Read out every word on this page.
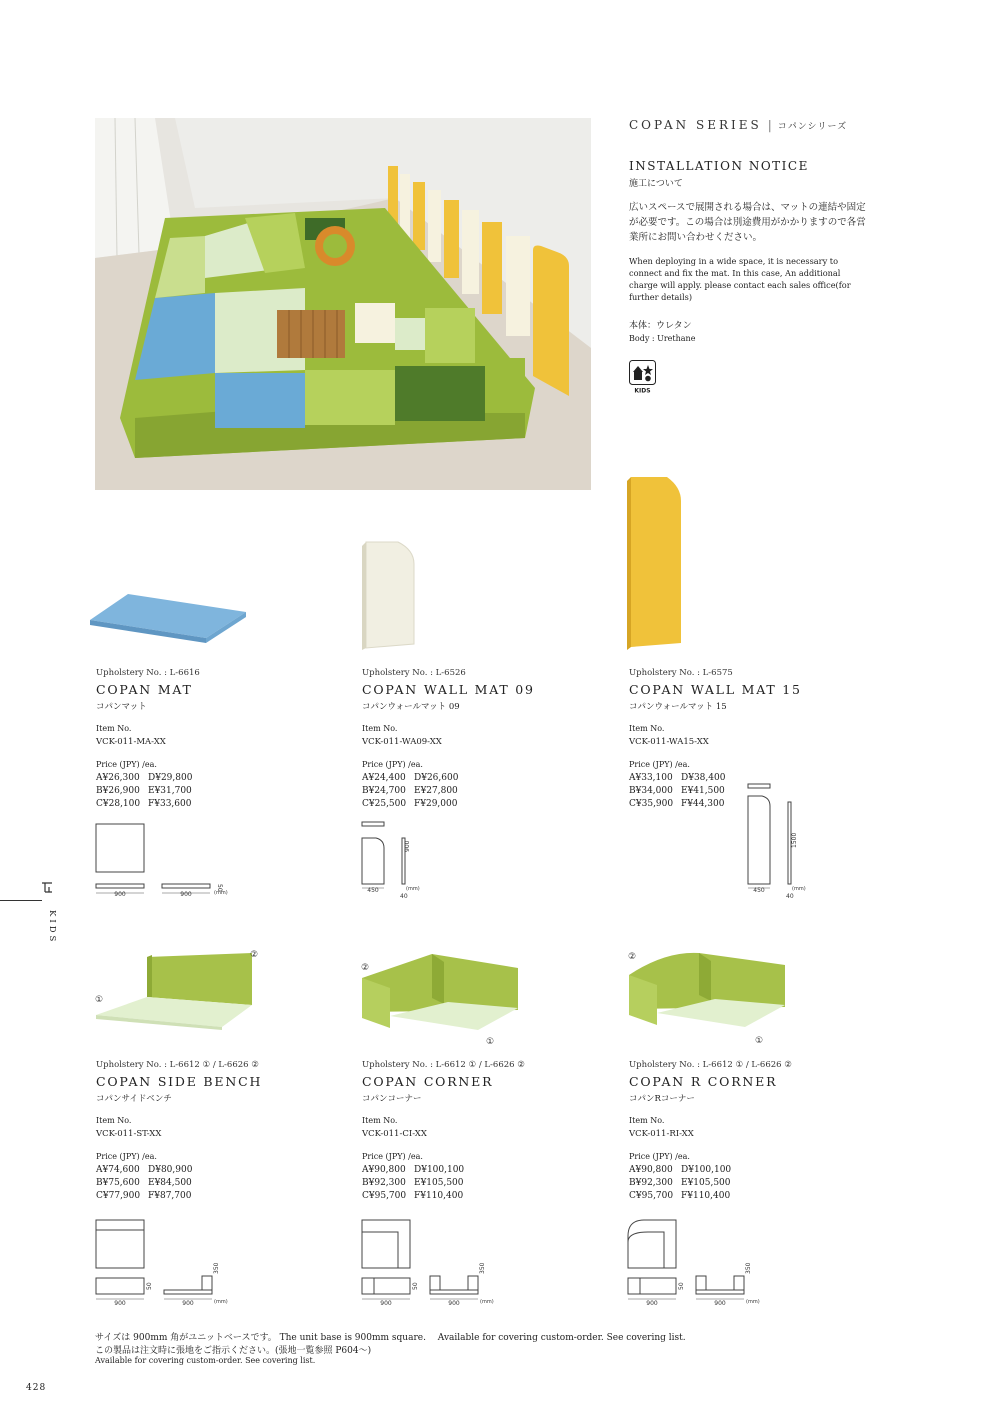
COPAN SERIES | コパンシリーズ
INSTALLATION NOTICE
施工について
広いスペースで展開される場合は、マットの連結や固定が必要です。この場合は別途費用がかかりますので各営業所にお問い合わせください。
When deploying in a wide space, it is necessary to connect and fix the mat. In this case, An additional charge will apply. please contact each sales office(for further details)
本体：ウレタン
Body : Urethane
KIDS
KIDS
②
①
②
①
②
①
Upholstery No. : L-6616
COPAN MAT
コパンマット
Item No.
VCK-011-MA-XX
Price (JPY) /ea.
A¥26,300 D¥29,800
B¥26,900 E¥31,700
C¥28,100 F¥33,600
Upholstery No. : L-6526
COPAN WALL MAT 09
コパンウォールマット 09
Item No.
VCK-011-WA09-XX
Price (JPY) /ea.
A¥24,400 D¥26,600
B¥24,700 E¥27,800
C¥25,500 F¥29,000
Upholstery No. : L-6575
COPAN WALL MAT 15
コパンウォールマット 15
Item No.
VCK-011-WA15-XX
Price (JPY) /ea.
A¥33,100 D¥38,400
B¥34,000 E¥41,500
C¥35,900 F¥44,300
Upholstery No. : L-6612 ① / L-6626 ②
COPAN SIDE BENCH
コパンサイドベンチ
Item No.
VCK-011-ST-XX
Price (JPY) /ea.
A¥74,600 D¥80,900
B¥75,600 E¥84,500
C¥77,900 F¥87,700
Upholstery No. : L-6612 ① / L-6626 ②
COPAN CORNER
コパンコーナー
Item No.
VCK-011-CI-XX
Price (JPY) /ea.
A¥90,800 D¥100,100
B¥92,300 E¥105,500
C¥95,700 F¥110,400
Upholstery No. : L-6612 ① / L-6626 ②
COPAN R CORNER
コパンRコーナー
Item No.
VCK-011-RI-XX
Price (JPY) /ea.
A¥90,800 D¥100,100
B¥92,300 E¥105,500
C¥95,700 F¥110,400
900	900
50
(mm)	450
40
900
(mm)	450
40
1500
(mm)
900	900
50
350
(mm)	900	900
50
350
(mm)	900	900
50
350
(mm)
サイズは 900mm 角がユニットベースです。 The unit base is 900mm square.　 Available for covering custom-order. See covering list.
この製品は注文時に張地をご指示ください。(張地一覧参照 P604〜)
Available for covering custom-order. See covering list.
428
